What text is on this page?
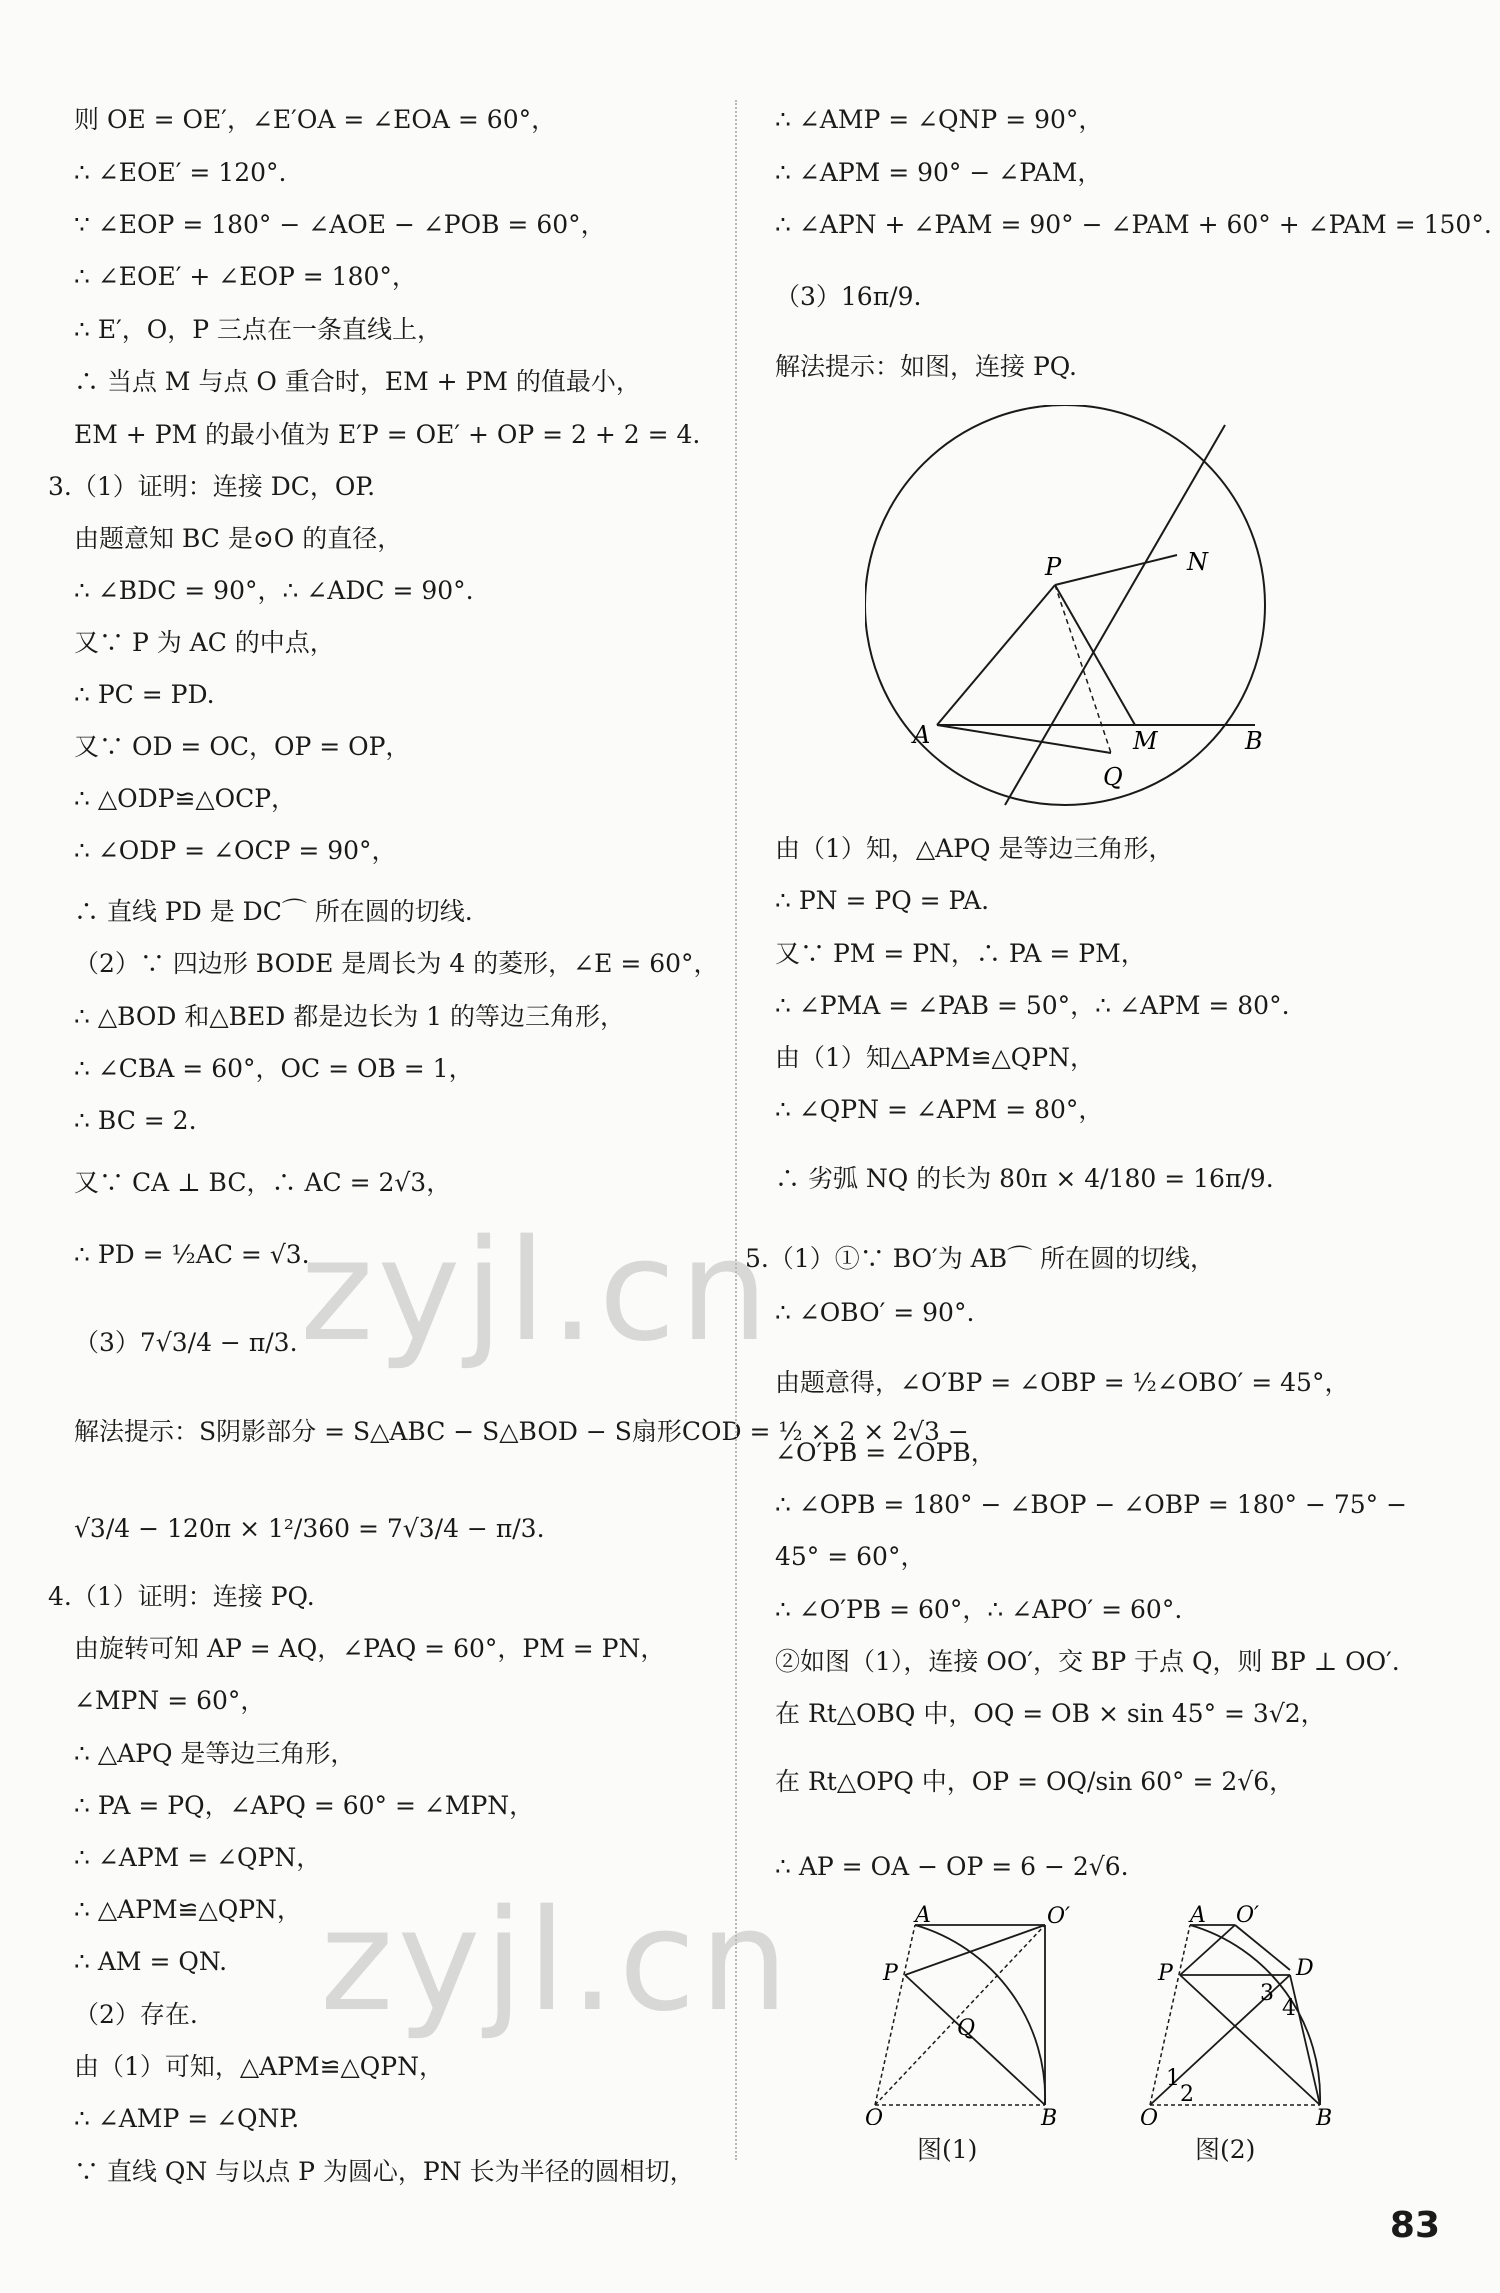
zyjl.cn
zyjl.cn
则 OE = OE′，∠E′OA = ∠EOA = 60°，
∴ ∠EOE′ = 120°.
∵ ∠EOP = 180° − ∠AOE − ∠POB = 60°，
∴ ∠EOE′ + ∠EOP = 180°，
∴ E′，O，P 三点在一条直线上，
∴ 当点 M 与点 O 重合时，EM + PM 的值最小，
EM + PM 的最小值为 E′P = OE′ + OP = 2 + 2 = 4.
3.（1）证明：连接 DC，OP.
由题意知 BC 是⊙O 的直径，
∴ ∠BDC = 90°，∴ ∠ADC = 90°.
又∵ P 为 AC 的中点，
∴ PC = PD.
又∵ OD = OC，OP = OP，
∴ △ODP≌△OCP，
∴ ∠ODP = ∠OCP = 90°，
∴ 直线 PD 是 DC⌒ 所在圆的切线.
（2）∵ 四边形 BODE 是周长为 4 的菱形，∠E = 60°，
∴ △BOD 和△BED 都是边长为 1 的等边三角形，
∴ ∠CBA = 60°，OC = OB = 1，
∴ BC = 2.
又∵ CA ⊥ BC，∴ AC = 2√3，
∴ PD = ½AC = √3.
（3）7√3/4 − π/3.
解法提示：S阴影部分 = S△ABC − S△BOD − S扇形COD = ½ × 2 × 2√3 −
√3/4 − 120π × 1²/360 = 7√3/4 − π/3.
4.（1）证明：连接 PQ.
由旋转可知 AP = AQ，∠PAQ = 60°，PM = PN，
∠MPN = 60°，
∴ △APQ 是等边三角形，
∴ PA = PQ，∠APQ = 60° = ∠MPN，
∴ ∠APM = ∠QPN，
∴ △APM≌△QPN，
∴ AM = QN.
（2）存在.
由（1）可知，△APM≌△QPN，
∴ ∠AMP = ∠QNP.
∵ 直线 QN 与以点 P 为圆心，PN 长为半径的圆相切，
∴ ∠AMP = ∠QNP = 90°，
∴ ∠APM = 90° − ∠PAM，
∴ ∠APN + ∠PAM = 90° − ∠PAM + 60° + ∠PAM = 150°.
（3）16π/9.
解法提示：如图，连接 PQ.
P	N
A	M	B
Q
由（1）知，△APQ 是等边三角形，
∴ PN = PQ = PA.
又∵ PM = PN，∴ PA = PM，
∴ ∠PMA = ∠PAB = 50°，∴ ∠APM = 80°.
由（1）知△APM≌△QPN，
∴ ∠QPN = ∠APM = 80°，
∴ 劣弧 NQ 的长为 80π × 4/180 = 16π/9.
5.（1）①∵ BO′为 AB⌒ 所在圆的切线，
∴ ∠OBO′ = 90°.
由题意得，∠O′BP = ∠OBP = ½∠OBO′ = 45°，
∠O′PB = ∠OPB，
∴ ∠OPB = 180° − ∠BOP − ∠OBP = 180° − 75° −
45° = 60°，
∴ ∠O′PB = 60°，∴ ∠APO′ = 60°.
②如图（1），连接 OO′，交 BP 于点 Q，则 BP ⊥ OO′.
在 Rt△OBQ 中，OQ = OB × sin 45° = 3√2，
在 Rt△OPQ 中，OP = OQ/sin 60° = 2√6，
∴ AP = OA − OP = 6 − 2√6.
A	O′
P
Q
O	B
图(1)
A O′
P	D
3
4
1
2
O	B
图(2)
83
